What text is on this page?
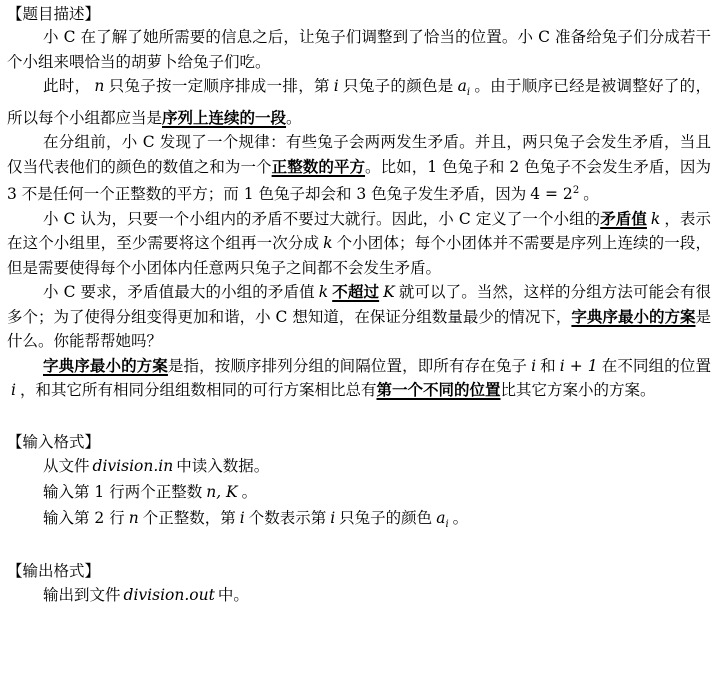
【题目描述】

小 C 在了解了她所需要的信息之后，让兔子们调整到了恰当的位置。小 C 准备给兔子们分成若干个小组来喂恰当的胡萝卜给兔子们吃。

此时， n 只兔子按一定顺序排成一排，第 i 只兔子的颜色是 $a_i$ 。由于顺序已经是被调整好了的，所以每个小组都应当是序列上连续的一段。

在分组前，小 C 发现了一个规律：有些兔子会两两发生矛盾。并且，两只兔子会发生矛盾，当且仅当代表他们的颜色的数值之和为一个正整数的平方。比如，1 色兔子和 2 色兔子不会发生矛盾，因为 3 不是任何一个正整数的平方；而 1 色兔子却会和 3 色兔子发生矛盾，因为 $4 = 2^2$ 。

小 C 认为，只要一个小组内的矛盾不要过大就行。因此，小 C 定义了一个小组的矛盾值 k ，表示在这个小组里，至少需要将这个组再一次分成 k 个小团体；每个小团体并不需要是序列上连续的一段，但是需要使得每个小团体内任意两只兔子之间都不会发生矛盾。

小 C 要求，矛盾值最大的小组的矛盾值 k 不超过 K 就可以了。当然，这样的分组方法可能会有很多个；为了使得分组变得更加和谐，小 C 想知道，在保证分组数量最少的情况下，字典序最小的方案是什么。你能帮帮她吗？

字典序最小的方案是指，按顺序排列分组的间隔位置，即所有存在兔子 i 和 i + 1 在不同组的位置i ，和其它所有相同分组组数相同的可行方案相比总有第一个不同的位置比其它方案小的方案。

【输入格式】

从文件 division.in 中读入数据。

输入第 1 行两个正整数 n, K 。

输入第 2 行 n 个正整数，第 i 个数表示第 i 只兔子的颜色 $a_i$ 。

【输出格式】

输出到文件 division.out 中。
